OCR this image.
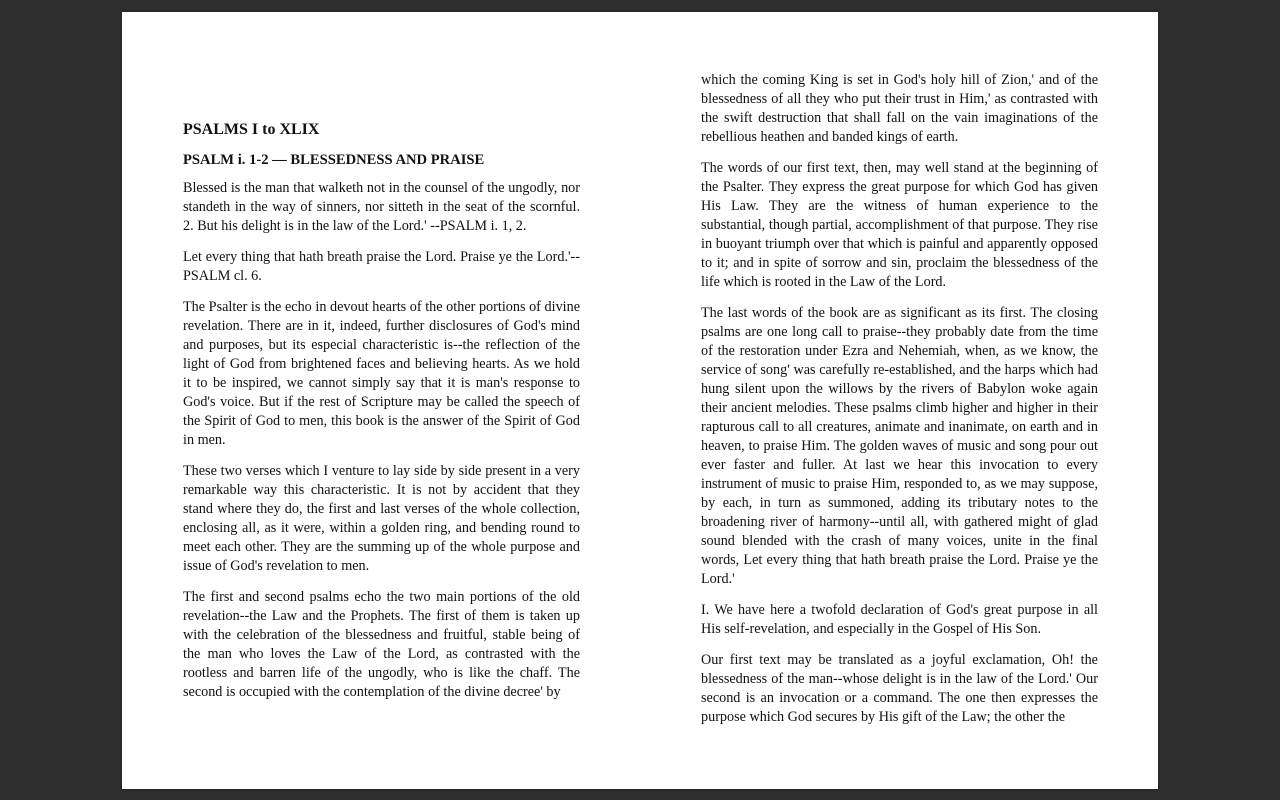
PSALMS I to XLIX
PSALM i. 1-2 — BLESSEDNESS AND PRAISE

Blessed is the man that walketh not in the counsel of the ungodly, nor standeth in the way of sinners, nor sitteth in the seat of the scornful. 2. But his delight is in the law of the Lord.' --PSALM i. 1, 2.

Let every thing that hath breath praise the Lord. Praise ye the Lord.'--PSALM cl. 6.

The Psalter is the echo in devout hearts of the other portions of divine revelation. There are in it, indeed, further disclosures of God's mind and purposes, but its especial characteristic is--the reflection of the light of God from brightened faces and believing hearts. As we hold it to be inspired, we cannot simply say that it is man's response to God's voice. But if the rest of Scripture may be called the speech of the Spirit of God to men, this book is the answer of the Spirit of God in men.

These two verses which I venture to lay side by side present in a very remarkable way this characteristic. It is not by accident that they stand where they do, the first and last verses of the whole collection, enclosing all, as it were, within a golden ring, and bending round to meet each other. They are the summing up of the whole purpose and issue of God's revelation to men.

The first and second psalms echo the two main portions of the old revelation--the Law and the Prophets. The first of them is taken up with the celebration of the blessedness and fruitful, stable being of the man who loves the Law of the Lord, as contrasted with the rootless and barren life of the ungodly, who is like the chaff. The second is occupied with the contemplation of the divine decree' by

which the coming King is set in God's holy hill of Zion,' and of the blessedness of all they who put their trust in Him,' as contrasted with the swift destruction that shall fall on the vain imaginations of the rebellious heathen and banded kings of earth.

The words of our first text, then, may well stand at the beginning of the Psalter. They express the great purpose for which God has given His Law. They are the witness of human experience to the substantial, though partial, accomplishment of that purpose. They rise in buoyant triumph over that which is painful and apparently opposed to it; and in spite of sorrow and sin, proclaim the blessedness of the life which is rooted in the Law of the Lord.

The last words of the book are as significant as its first. The closing psalms are one long call to praise--they probably date from the time of the restoration under Ezra and Nehemiah, when, as we know, the service of song' was carefully re-established, and the harps which had hung silent upon the willows by the rivers of Babylon woke again their ancient melodies. These psalms climb higher and higher in their rapturous call to all creatures, animate and inanimate, on earth and in heaven, to praise Him. The golden waves of music and song pour out ever faster and fuller. At last we hear this invocation to every instrument of music to praise Him, responded to, as we may suppose, by each, in turn as summoned, adding its tributary notes to the broadening river of harmony--until all, with gathered might of glad sound blended with the crash of many voices, unite in the final words, Let every thing that hath breath praise the Lord. Praise ye the Lord.'

I. We have here a twofold declaration of God's great purpose in all His self-revelation, and especially in the Gospel of His Son.

Our first text may be translated as a joyful exclamation, Oh! the blessedness of the man--whose delight is in the law of the Lord.' Our second is an invocation or a command. The one then expresses the purpose which God secures by His gift of the Law; the other the
